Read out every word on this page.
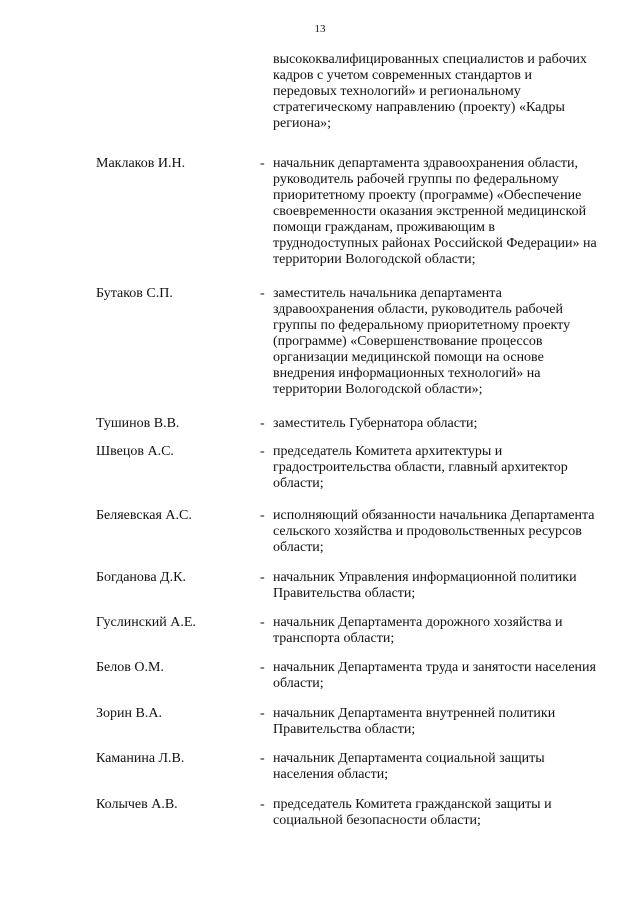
13

высококвалифицированных специалистов и рабочих
кадров с учетом современных стандартов и
передовых технологий» и региональному
стратегическому направлению (проекту) «Кадры
региона»;

Маклаков И.Н.	- начальник департамента здравоохранения области,
руководитель рабочей группы по федеральному
приоритетному проекту (программе) «Обеспечение
своевременности оказания экстренной медицинской
помощи гражданам, проживающим в
труднодоступных районах Российской Федерации» на
территории Вологодской области;

Бутаков С.П.	- заместитель начальника департамента
здравоохранения области, руководитель рабочей
группы по федеральному приоритетному проекту
(программе) «Совершенствование процессов
организации медицинской помощи на основе
внедрения информационных технологий» на
территории Вологодской области»;

Тушинов В.В.	- заместитель Губернатора области;

Швецов А.С.	- председатель Комитета архитектуры и
градостроительства области, главный архитектор
области;

Беляевская А.С.	- исполняющий обязанности начальника Департамента
сельского хозяйства и продовольственных ресурсов
области;

Богданова Д.К.	- начальник Управления информационной политики
Правительства области;

Гуслинский А.Е.	- начальник Департамента дорожного хозяйства и
транспорта области;

Белов О.М.	- начальник Департамента труда и занятости населения
области;

Зорин В.А.	- начальник Департамента внутренней политики
Правительства области;

Каманина Л.В.	- начальник Департамента социальной защиты
населения области;

Колычев А.В.	- председатель Комитета гражданской защиты и
социальной безопасности области;
